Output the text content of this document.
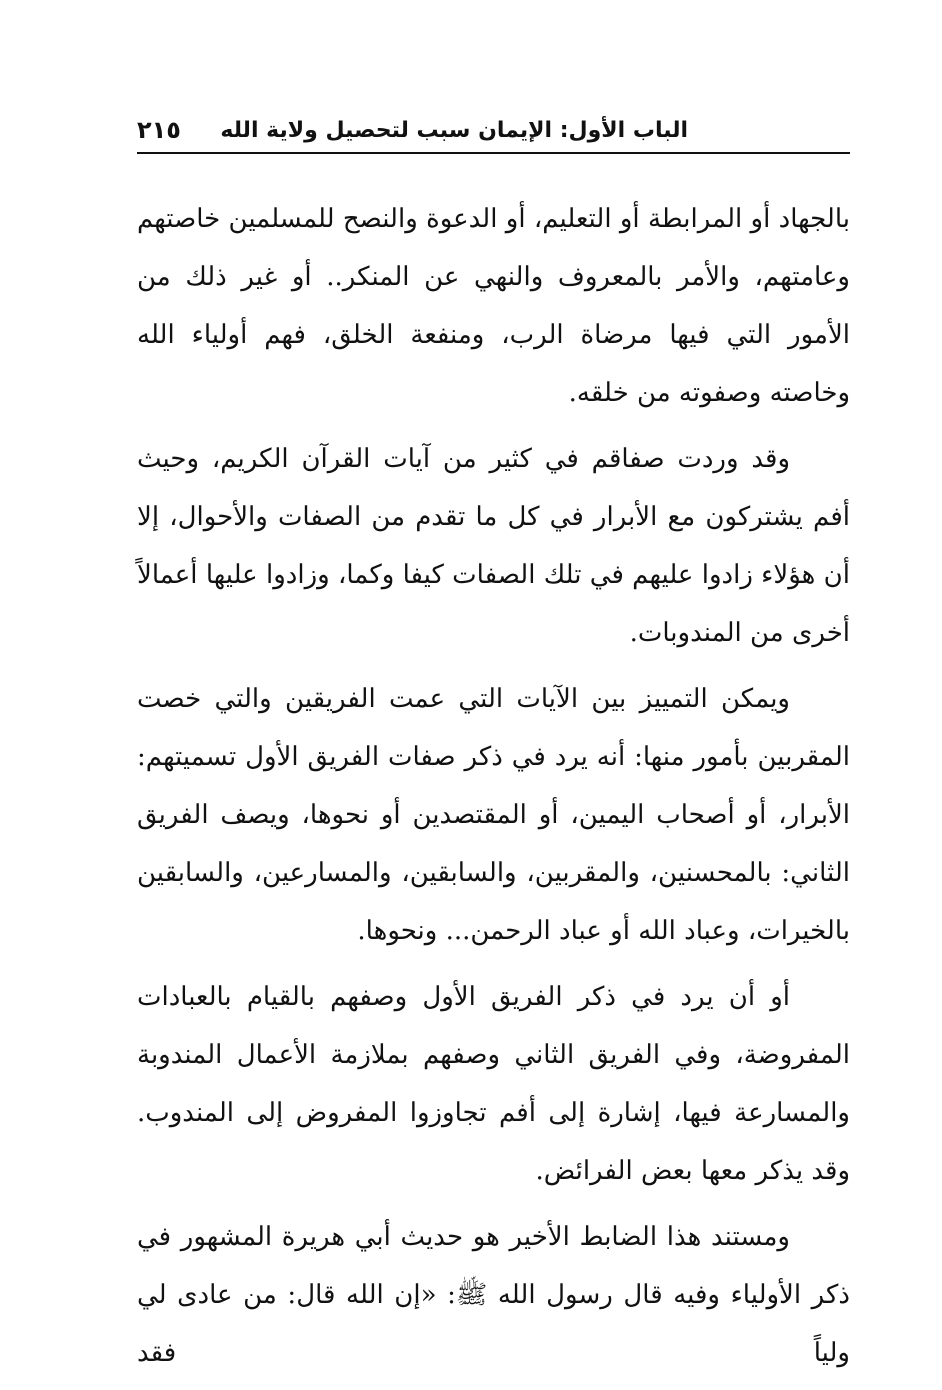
الباب الأول: الإيمان سبب لتحصيل ولاية الله
٢١٥

بالجهاد أو المرابطة أو التعليم، أو الدعوة والنصح للمسلمين خاصتهم وعامتهم، والأمر بالمعروف والنهي عن المنكر.. أو غير ذلك من الأمور التي فيها مرضاة الرب، ومنفعة الخلق، فهم أولياء الله وخاصته وصفوته من خلقه.

وقد وردت صفاقم في كثير من آيات القرآن الكريم، وحيث أفم يشتركون مع الأبرار في كل ما تقدم من الصفات والأحوال، إلا أن هؤلاء زادوا عليهم في تلك الصفات كيفا وكما، وزادوا عليها أعمالاً أخرى من المندوبات.

ويمكن التمييز بين الآيات التي عمت الفريقين والتي خصت المقربين بأمور منها: أنه يرد في ذكر صفات الفريق الأول تسميتهم: الأبرار، أو أصحاب اليمين، أو المقتصدين أو نحوها، ويصف الفريق الثاني: بالمحسنين، والمقربين، والسابقين، والمسارعين، والسابقين بالخيرات، وعباد الله أو عباد الرحمن... ونحوها.

أو أن يرد في ذكر الفريق الأول وصفهم بالقيام بالعبادات المفروضة، وفي الفريق الثاني وصفهم بملازمة الأعمال المندوبة والمسارعة فيها، إشارة إلى أفم تجاوزوا المفروض إلى المندوب. وقد يذكر معها بعض الفرائض.

ومستند هذا الضابط الأخير هو حديث أبي هريرة المشهور في ذكر الأولياء وفيه قال رسول الله ﷺ: «إن الله قال: من عادى لي ولياً فقد
